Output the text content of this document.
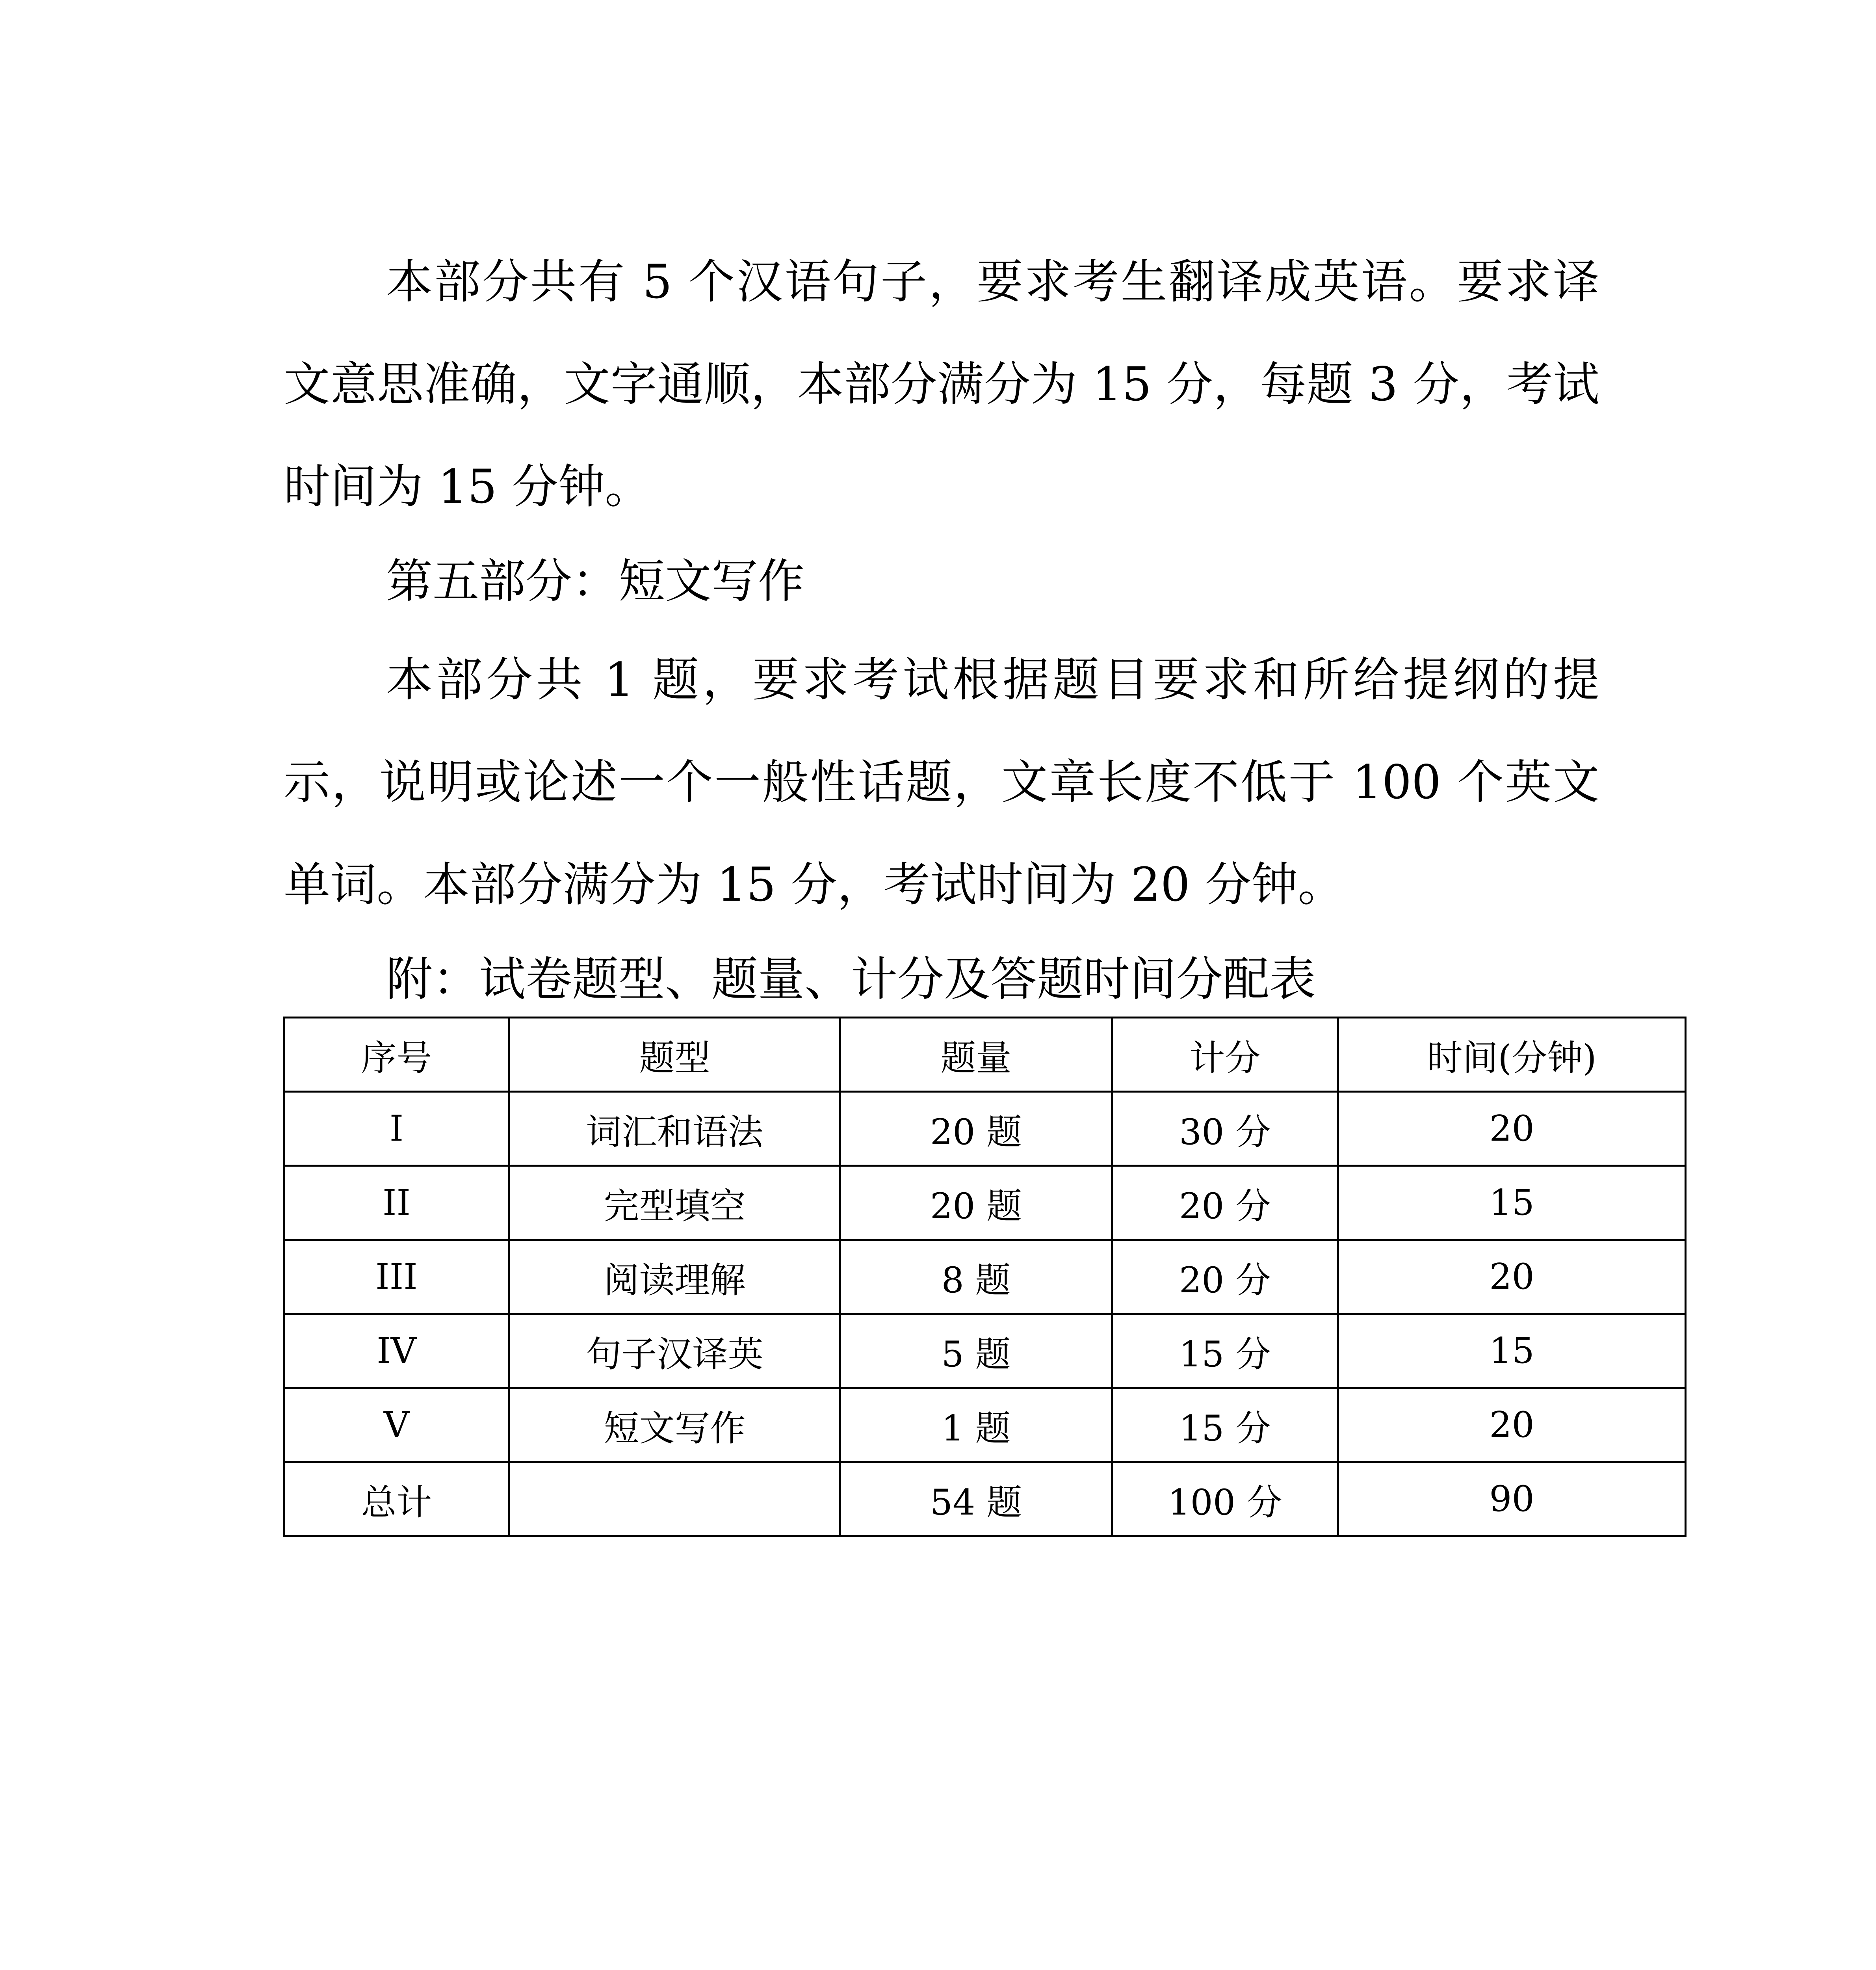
本部分共有 5 个汉语句子，要求考生翻译成英语。要求译文意思准确，文字通顺，本部分满分为 15 分，每题 3 分，考试时间为 15 分钟。

第五部分：短文写作

本部分共 1 题，要求考试根据题目要求和所给提纲的提示，说明或论述一个一般性话题，文章长度不低于 100 个英文单词。本部分满分为 15 分，考试时间为 20 分钟。

附：试卷题型、题量、计分及答题时间分配表

序号	题型	题量	计分	时间(分钟)
I	词汇和语法	20 题	30 分	20
II	完型填空	20 题	20 分	15
III	阅读理解	8 题	20 分	20
IV	句子汉译英	5 题	15 分	15
V	短文写作	1 题	15 分	20
总计		54 题	100 分	90
